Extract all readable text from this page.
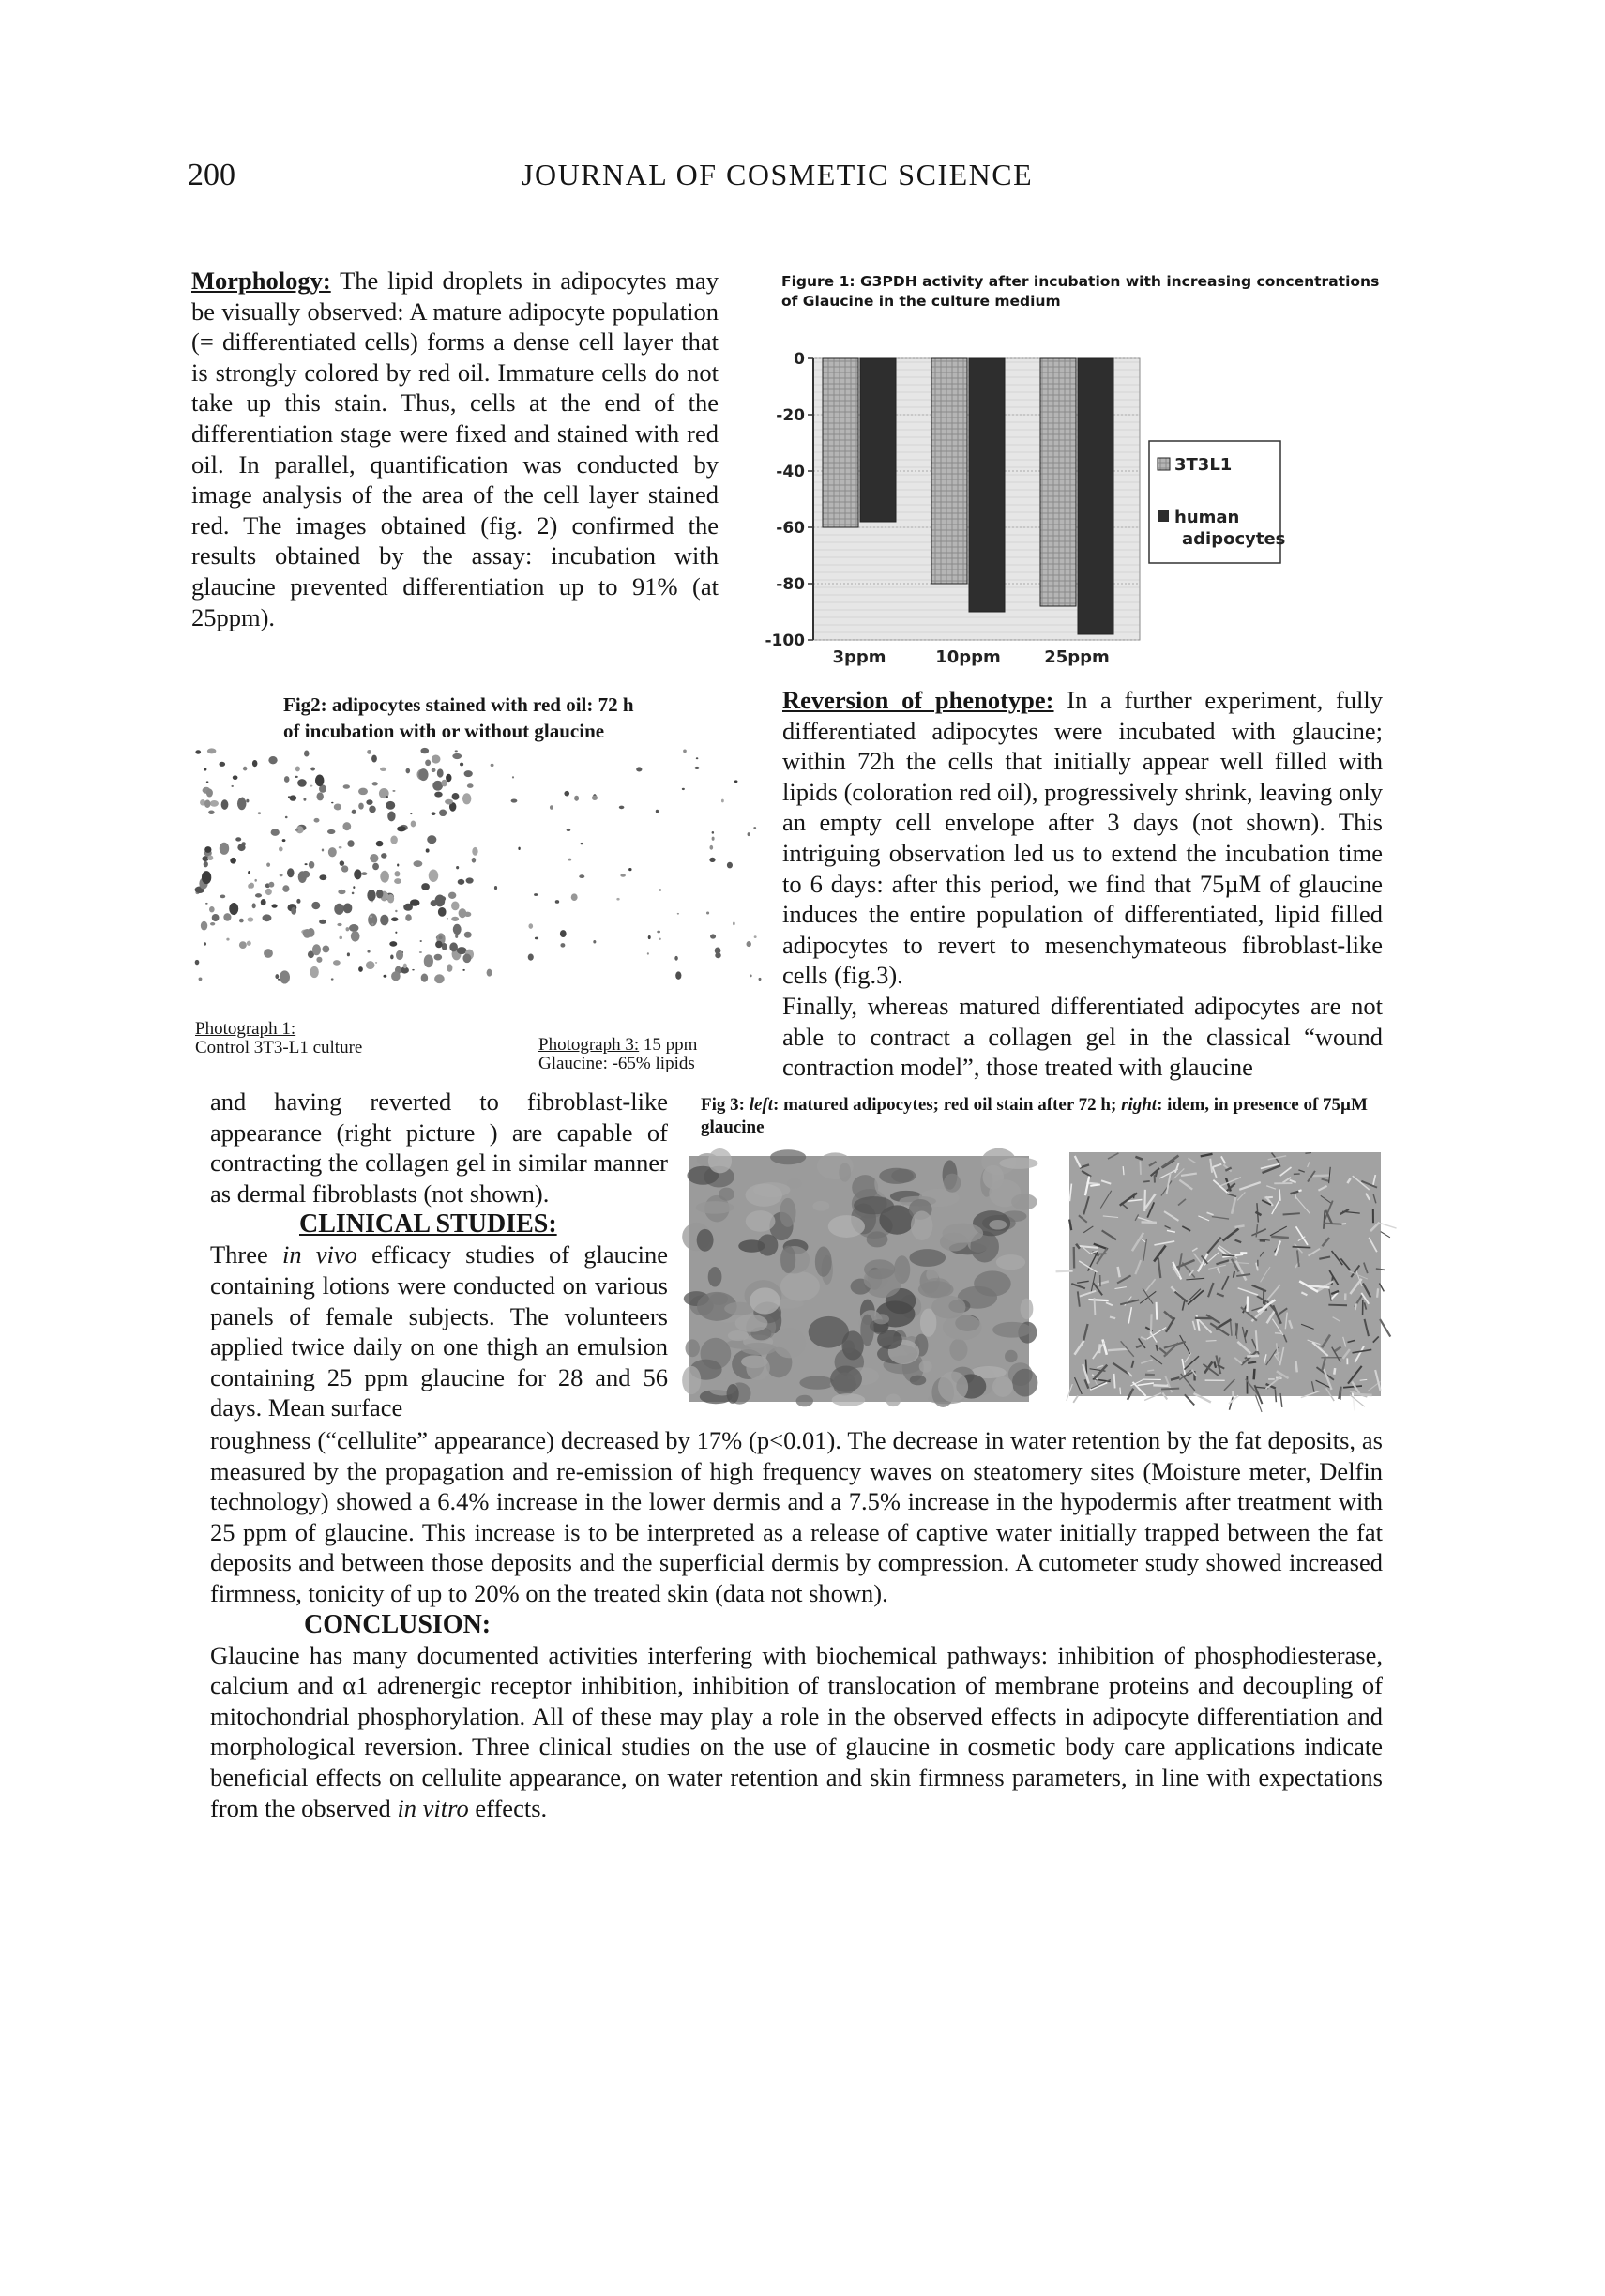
200	JOURNAL OF COSMETIC SCIENCE

Morphology: The lipid droplets in adipocytes may be visually observed: A mature adipocyte population (= differentiated cells) forms a dense cell layer that is strongly colored by red oil. Immature cells do not take up this stain. Thus, cells at the end of the differentiation stage were fixed and stained with red oil. In parallel, quantification was conducted by image analysis of the area of the cell layer stained red. The images obtained (fig. 2) confirmed the results obtained by the assay: incubation with glaucine prevented differentiation up to 91% (at 25ppm).

Figure 1: G3PDH activity after incubation with increasing concentrations of Glaucine in the culture medium
0
-20
-40
-60
-80
-100
3ppm	10ppm	25ppm
3T3L1
human
adipocytes
Fig2: adipocytes stained with red oil: 72 h
of incubation with or without glaucine
Photograph 1:
Control 3T3-L1 culture	Photograph 3: 15 ppm
Glaucine: -65% lipids

Reversion of phenotype: In a further experiment, fully differentiated adipocytes were incubated with glaucine; within 72h the cells that initially appear well filled with lipids (coloration red oil), progressively shrink, leaving only an empty cell envelope after 3 days (not shown). This intriguing observation led us to extend the incubation time to 6 days: after this period, we find that 75µM of glaucine induces the entire population of differentiated, lipid filled adipocytes to revert to mesenchymateous fibroblast-like cells (fig.3).

Finally, whereas matured differentiated adipocytes are not able to contract a collagen gel in the classical “wound contraction model”, those treated with glaucine

Fig 3: left: matured adipocytes; red oil stain after 72 h; right: idem, in presence of 75µM glaucine

and having reverted to fibroblast-like appearance (right picture ) are capable of contracting the collagen gel in similar manner as dermal fibroblasts (not shown).

CLINICAL STUDIES:

Three in vivo efficacy studies of glaucine containing lotions were conducted on various panels of female subjects. The volunteers applied twice daily on one thigh an emulsion containing 25 ppm glaucine for 28 and 56 days. Mean surface

roughness (“cellulite” appearance) decreased by 17% (p<0.01). The decrease in water retention by the fat deposits, as measured by the propagation and re-emission of high frequency waves on steatomery sites (Moisture meter, Delfin technology) showed a 6.4% increase in the lower dermis and a 7.5% increase in the hypodermis after treatment with 25 ppm of glaucine. This increase is to be interpreted as a release of captive water initially trapped between the fat deposits and between those deposits and the superficial dermis by compression. A cutometer study showed increased firmness, tonicity of up to 20% on the treated skin (data not shown).

CONCLUSION:

Glaucine has many documented activities interfering with biochemical pathways: inhibition of phosphodiesterase, calcium and α1 adrenergic receptor inhibition, inhibition of translocation of membrane proteins and decoupling of mitochondrial phosphorylation. All of these may play a role in the observed effects in adipocyte differentiation and morphological reversion. Three clinical studies on the use of glaucine in cosmetic body care applications indicate beneficial effects on cellulite appearance, on water retention and skin firmness parameters, in line with expectations from the observed in vitro effects.
